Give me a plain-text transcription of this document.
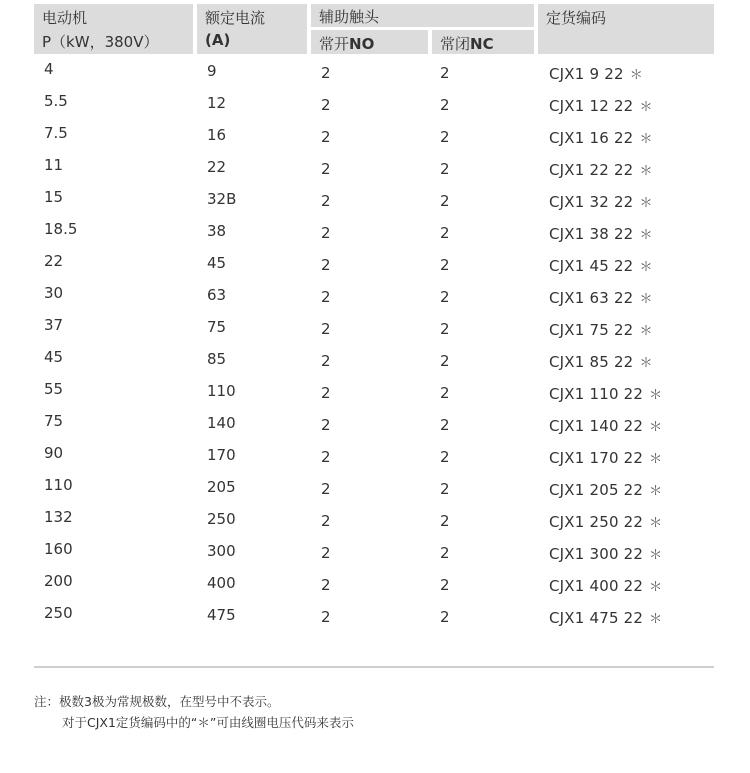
电动机
P（kW，380V）
额定电流
(A)
辅助触头
常开NO	常闭NC
定货编码
4	9	2	2	CJX1 9 22 ＊
5.5	12	2	2	CJX1 12 22 ＊
7.5	16	2	2	CJX1 16 22 ＊
11	22	2	2	CJX1 22 22 ＊
15	32B	2	2	CJX1 32 22 ＊
18.5	38	2	2	CJX1 38 22 ＊
22	45	2	2	CJX1 45 22 ＊
30	63	2	2	CJX1 63 22 ＊
37	75	2	2	CJX1 75 22 ＊
45	85	2	2	CJX1 85 22 ＊
55	110	2	2	CJX1 110 22 ＊
75	140	2	2	CJX1 140 22 ＊
90	170	2	2	CJX1 170 22 ＊
110	205	2	2	CJX1 205 22 ＊
132	250	2	2	CJX1 250 22 ＊
160	300	2	2	CJX1 300 22 ＊
200	400	2	2	CJX1 400 22 ＊
250	475	2	2	CJX1 475 22 ＊
注：极数3极为常规极数，在型号中不表示。
对于CJX1定货编码中的“＊”可由线圈电压代码来表示
